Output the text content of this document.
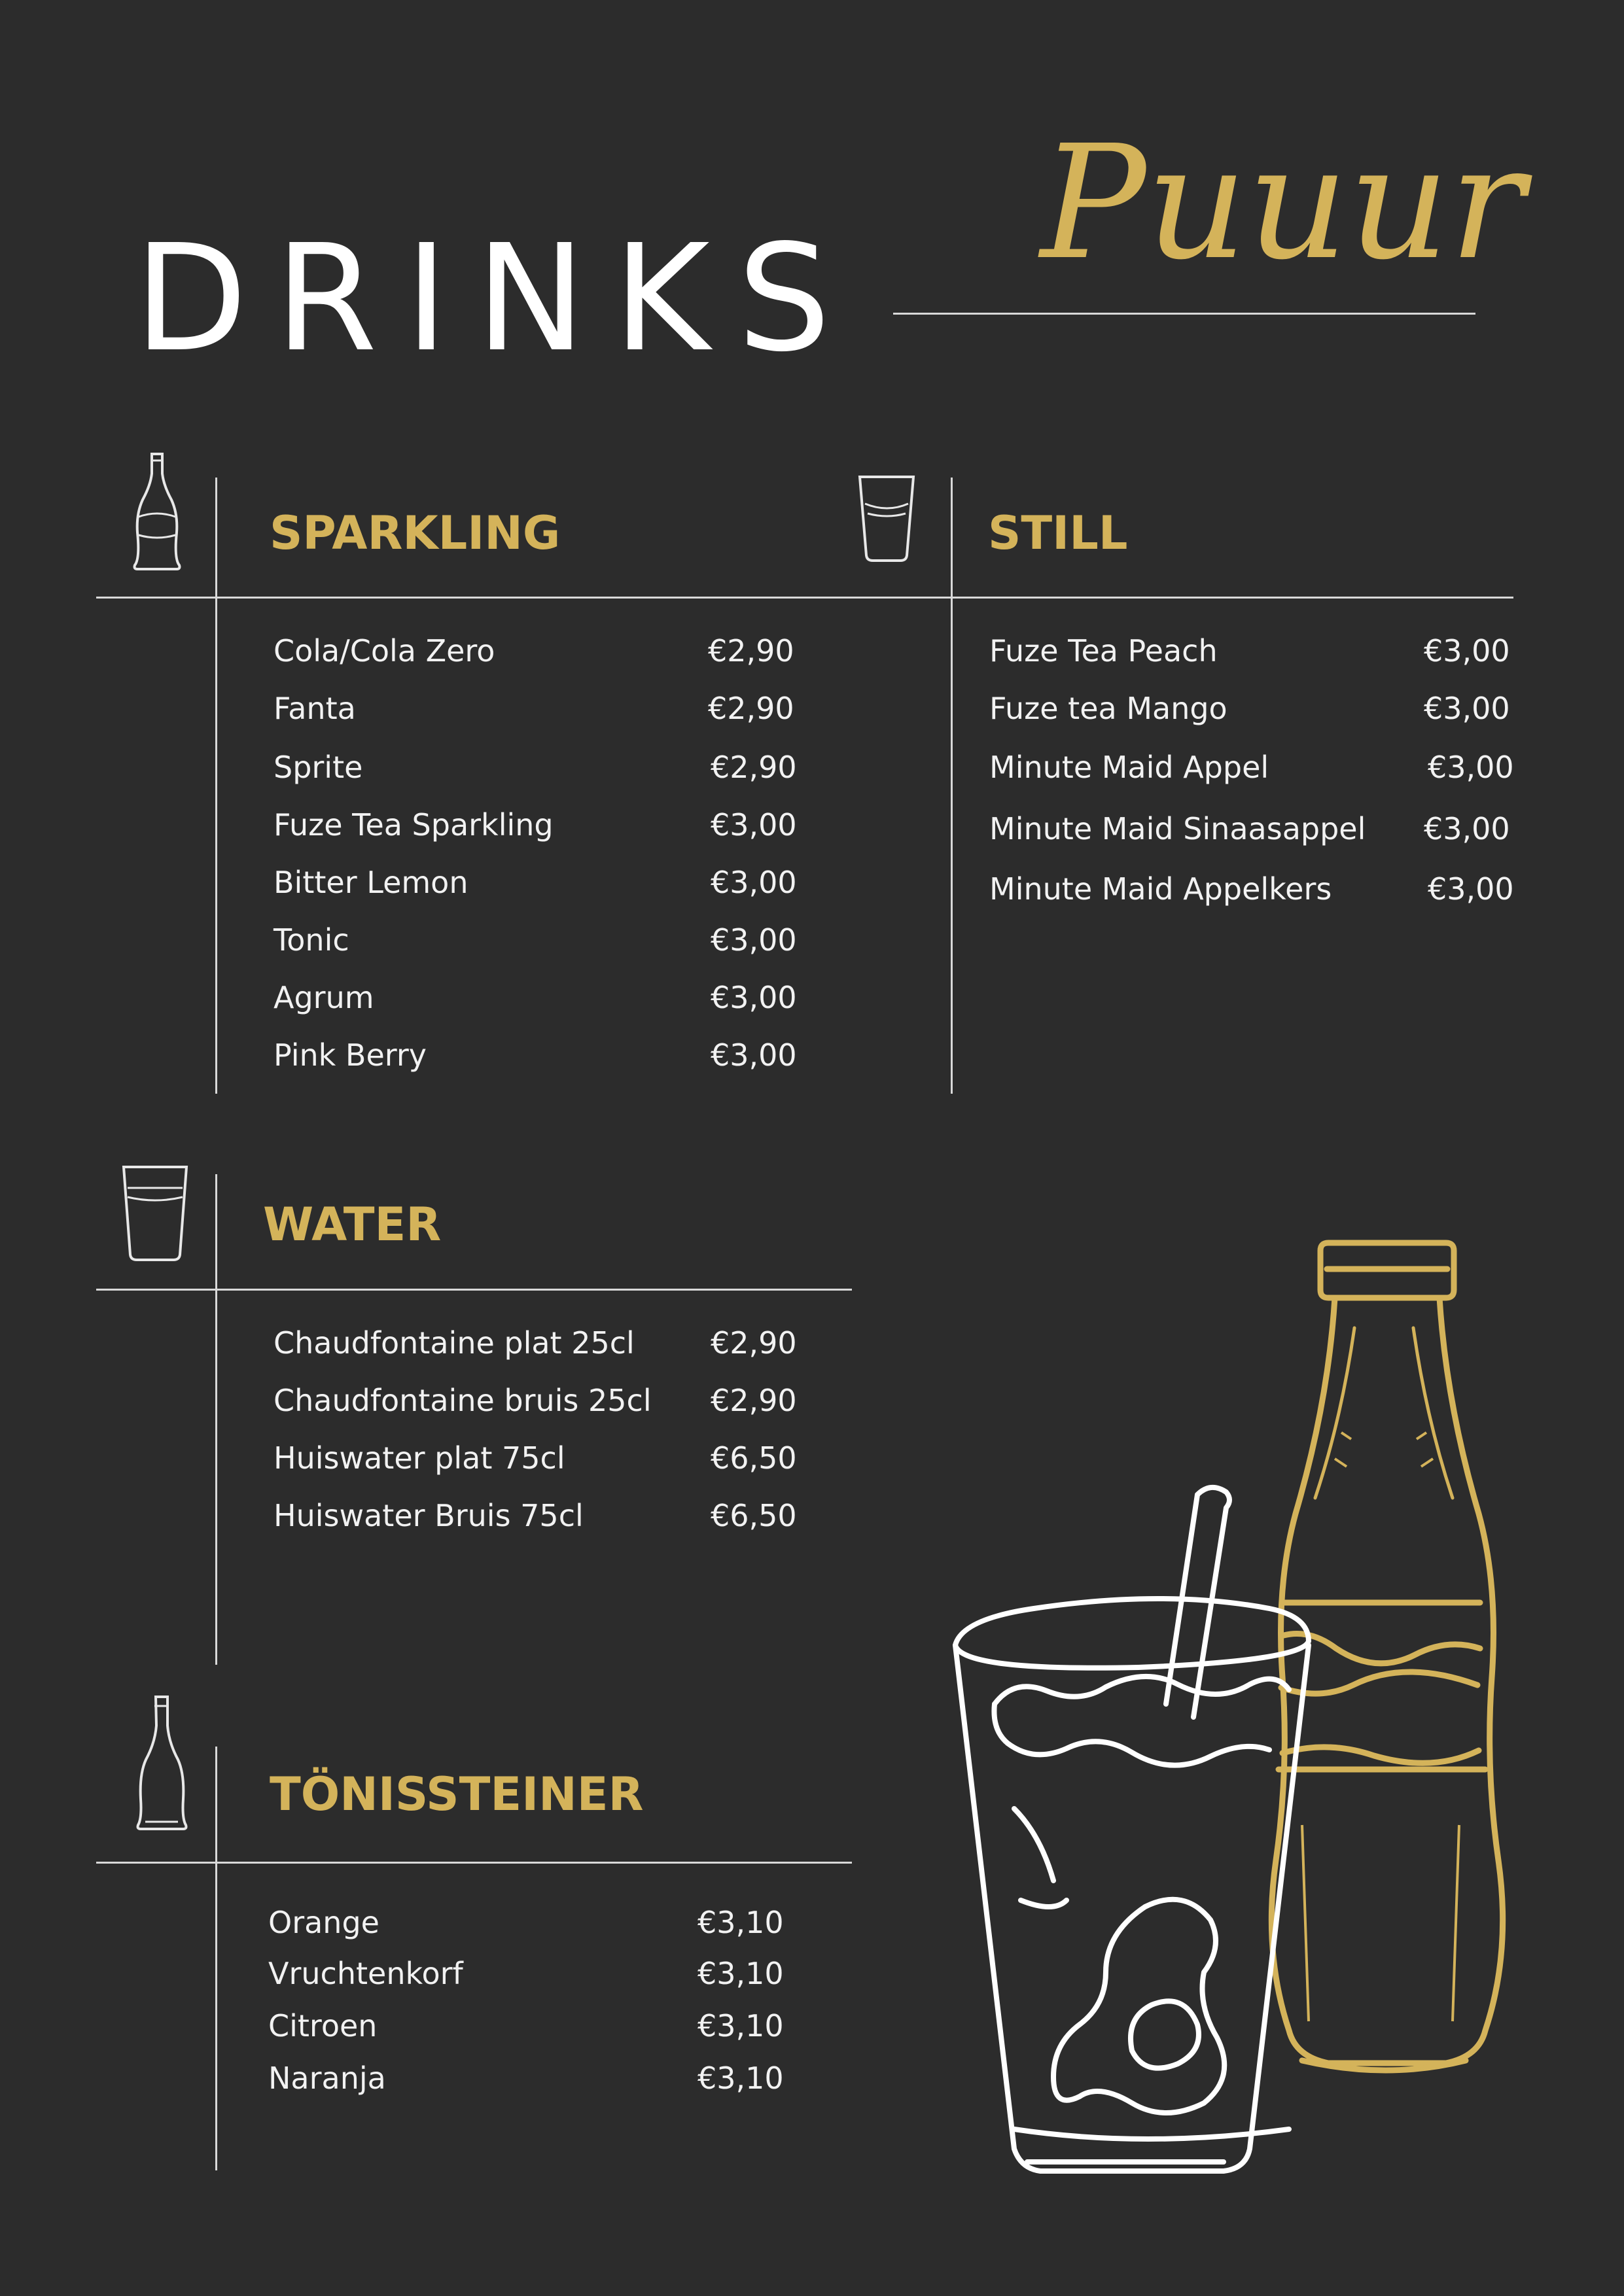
DRINKS
Puuur
SPARKLING
Cola/Cola Zero	€2,90
Fanta	€2,90
Sprite	€2,90
Fuze Tea Sparkling	€3,00
Bitter Lemon	€3,00
Tonic	€3,00
Agrum	€3,00
Pink Berry	€3,00
STILL
Fuze Tea Peach	€3,00
Fuze tea Mango	€3,00
Minute Maid Appel	€3,00
Minute Maid Sinaasappel €3,00
Minute Maid Appelkers	€3,00
WATER
Chaudfontaine plat 25cl	€2,90
Chaudfontaine bruis 25cl €2,90
Huiswater plat 75cl	€6,50
Huiswater Bruis 75cl	€6,50
TÖNISSTEINER
Orange	€3,10
Vruchtenkorf	€3,10
Citroen	€3,10
Naranja	€3,10
